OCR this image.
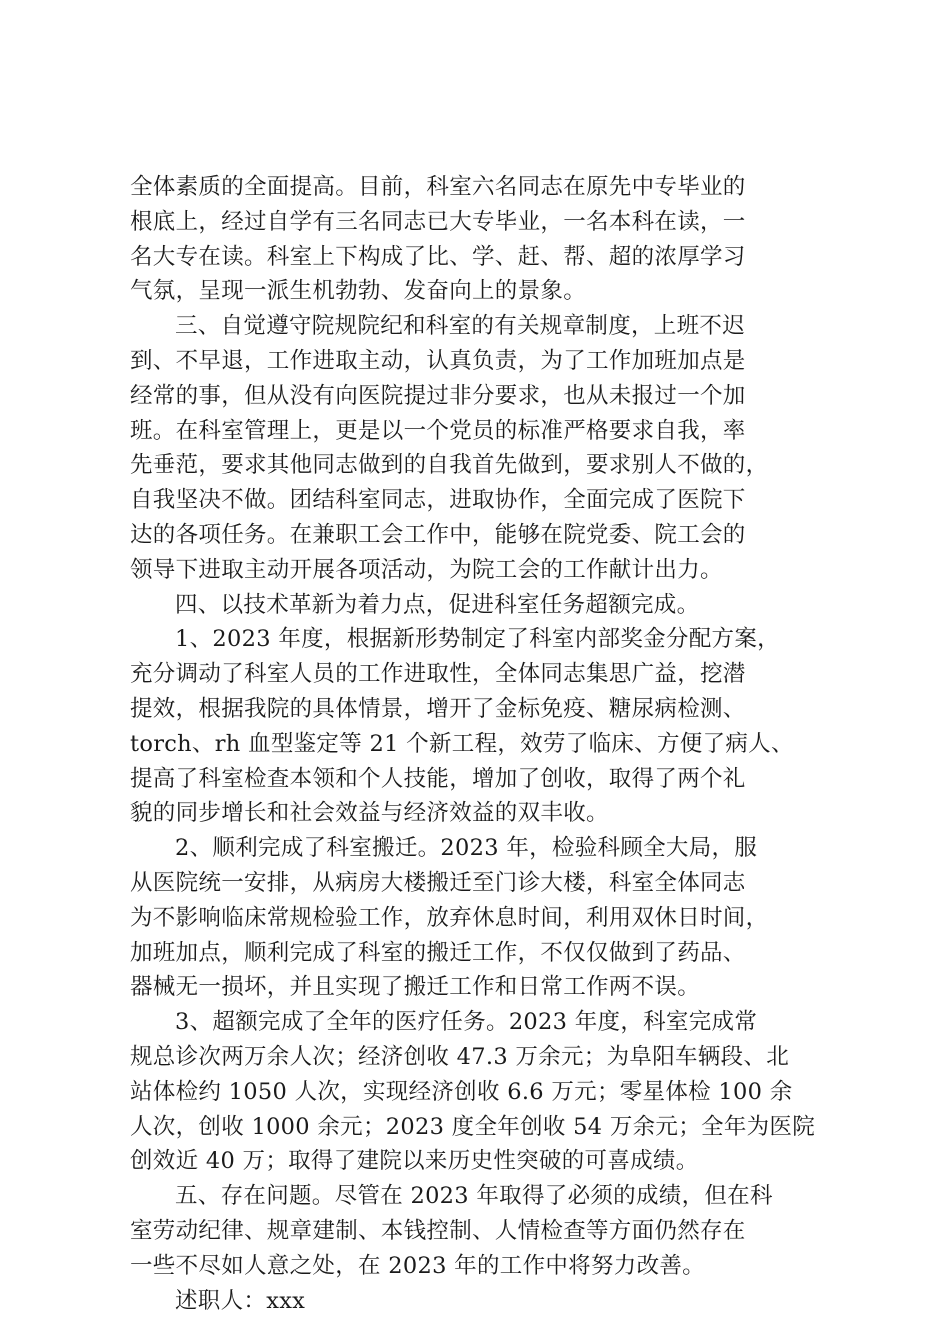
全体素质的全面提高。目前，科室六名同志在原先中专毕业的
根底上，经过自学有三名同志已大专毕业，一名本科在读，一
名大专在读。科室上下构成了比、学、赶、帮、超的浓厚学习
气氛，呈现一派生机勃勃、发奋向上的景象。
三、自觉遵守院规院纪和科室的有关规章制度，上班不迟
到、不早退，工作进取主动，认真负责，为了工作加班加点是
经常的事，但从没有向医院提过非分要求，也从未报过一个加
班。在科室管理上，更是以一个党员的标准严格要求自我，率
先垂范，要求其他同志做到的自我首先做到，要求别人不做的，
自我坚决不做。团结科室同志，进取协作，全面完成了医院下
达的各项任务。在兼职工会工作中，能够在院党委、院工会的
领导下进取主动开展各项活动，为院工会的工作献计出力。
四、以技术革新为着力点，促进科室任务超额完成。
1、2023 年度，根据新形势制定了科室内部奖金分配方案，
充分调动了科室人员的工作进取性，全体同志集思广益，挖潜
提效，根据我院的具体情景，增开了金标免疫、糖尿病检测、
torch、rh 血型鉴定等 21 个新工程，效劳了临床、方便了病人、
提高了科室检查本领和个人技能，增加了创收，取得了两个礼
貌的同步增长和社会效益与经济效益的双丰收。
2、顺利完成了科室搬迁。2023 年，检验科顾全大局，服
从医院统一安排，从病房大楼搬迁至门诊大楼，科室全体同志
为不影响临床常规检验工作，放弃休息时间，利用双休日时间，
加班加点，顺利完成了科室的搬迁工作，不仅仅做到了药品、
器械无一损坏，并且实现了搬迁工作和日常工作两不误。
3、超额完成了全年的医疗任务。2023 年度，科室完成常
规总诊次两万余人次；经济创收 47.3 万余元；为阜阳车辆段、北
站体检约 1050 人次，实现经济创收 6.6 万元；零星体检 100 余
人次，创收 1000 余元；2023 度全年创收 54 万余元；全年为医院
创效近 40 万；取得了建院以来历史性突破的可喜成绩。
五、存在问题。尽管在 2023 年取得了必须的成绩，但在科
室劳动纪律、规章建制、本钱控制、人情检查等方面仍然存在
一些不尽如人意之处，在 2023 年的工作中将努力改善。
述职人：xxx
